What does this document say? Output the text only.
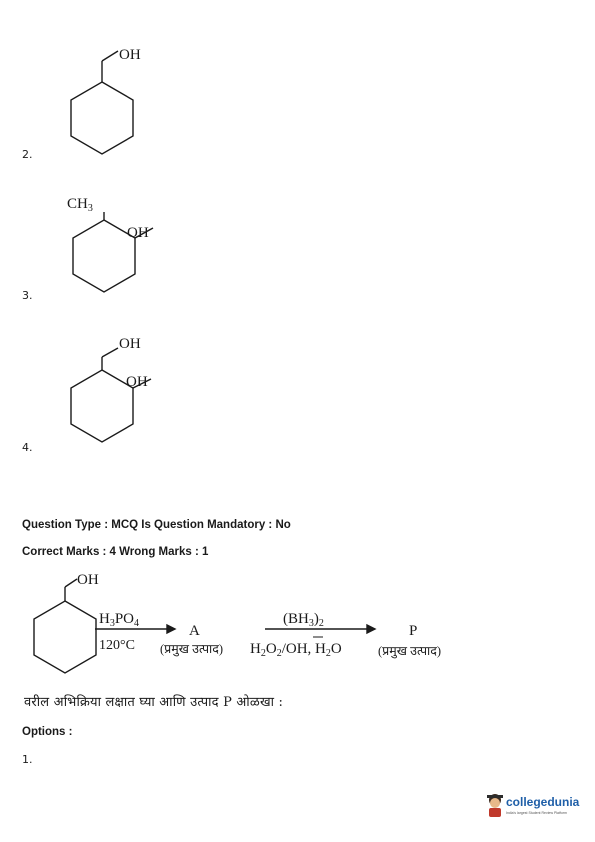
OH
2.
$CH_3$
OH
3.
OH
OH
4.
Question Type : MCQ Is Question Mandatory : No
Correct Marks : 4 Wrong Marks : 1
OH
$H_3PO_4$
120°C
A
(प्रमुख उत्पाद)
$(BH_3)_2$
$H_2O_2/OH$, $H_2O$
P
(प्रमुख उत्पाद)
वरील अभिक्रिया लक्षात घ्या आणि उत्पाद P ओळखा :
Options :
1.
collegedunia
India's largest Student Review Platform
